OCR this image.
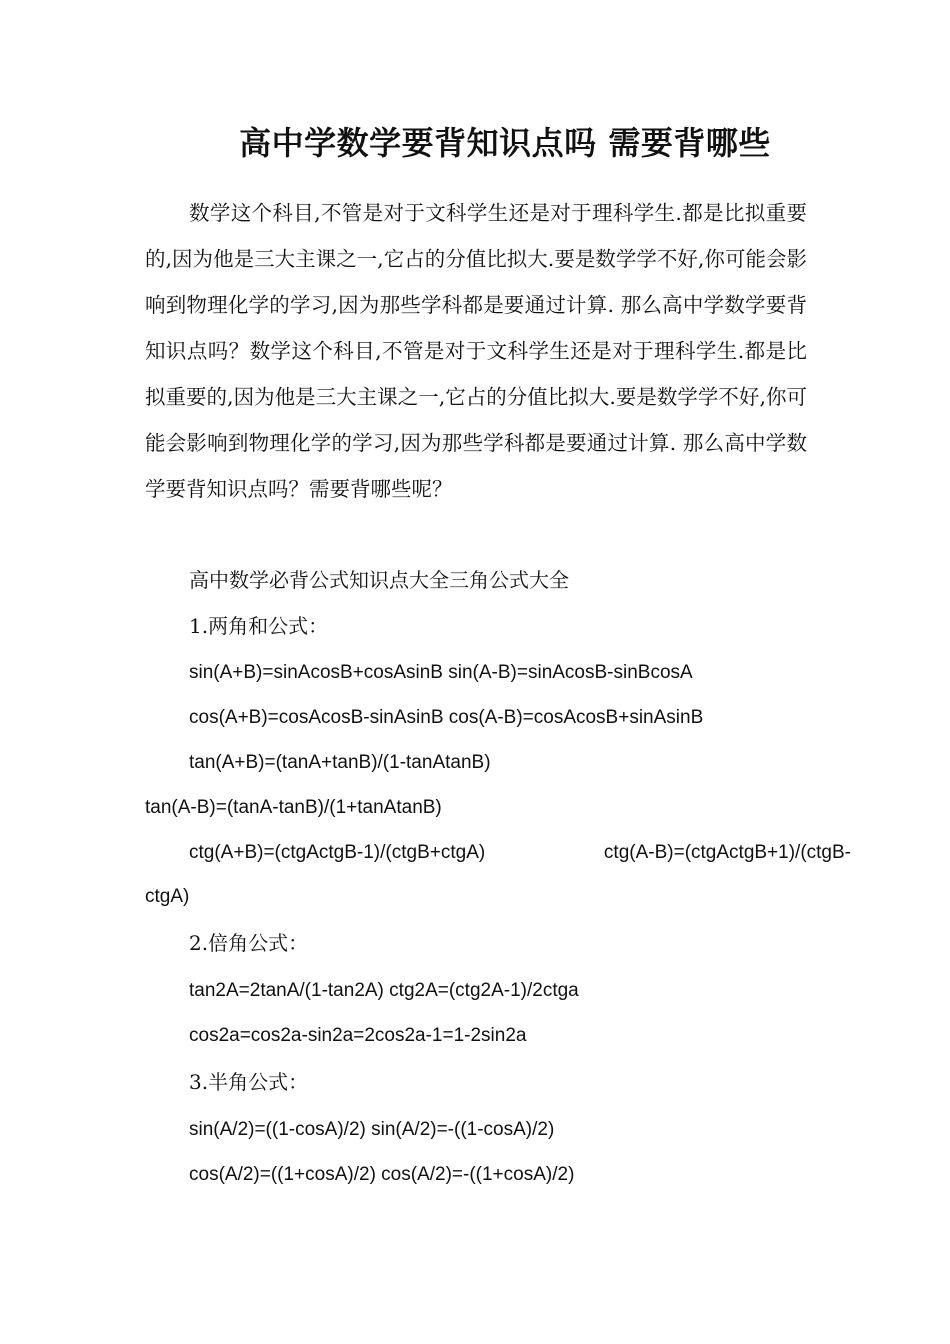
高中学数学要背知识点吗 需要背哪些

数学这个科目,不管是对于文科学生还是对于理科学生.都是比拟重要的,因为他是三大主课之一,它占的分值比拟大.要是数学学不好,你可能会影响到物理化学的学习,因为那些学科都是要通过计算. 那么高中学数学要背知识点吗？数学这个科目,不管是对于文科学生还是对于理科学生.都是比拟重要的,因为他是三大主课之一,它占的分值比拟大.要是数学学不好,你可能会影响到物理化学的学习,因为那些学科都是要通过计算. 那么高中学数学要背知识点吗？需要背哪些呢？

高中数学必背公式知识点大全三角公式大全
1.两角和公式：
sin(A+B)=sinAcosB+cosAsinB sin(A-B)=sinAcosB-sinBcosA
cos(A+B)=cosAcosB-sinAsinB cos(A-B)=cosAcosB+sinAsinB
tan(A+B)=(tanA+tanB)/(1-tanAtanB)
tan(A-B)=(tanA-tanB)/(1+tanAtanB)
ctg(A+B)=(ctgActgB-1)/(ctgB+ctgA)	ctg(A-B)=(ctgActgB+1)/(ctgB-
ctgA)
2.倍角公式：
tan2A=2tanA/(1-tan2A) ctg2A=(ctg2A-1)/2ctga
cos2a=cos2a-sin2a=2cos2a-1=1-2sin2a
3.半角公式：
sin(A/2)=((1-cosA)/2) sin(A/2)=-((1-cosA)/2)
cos(A/2)=((1+cosA)/2) cos(A/2)=-((1+cosA)/2)
